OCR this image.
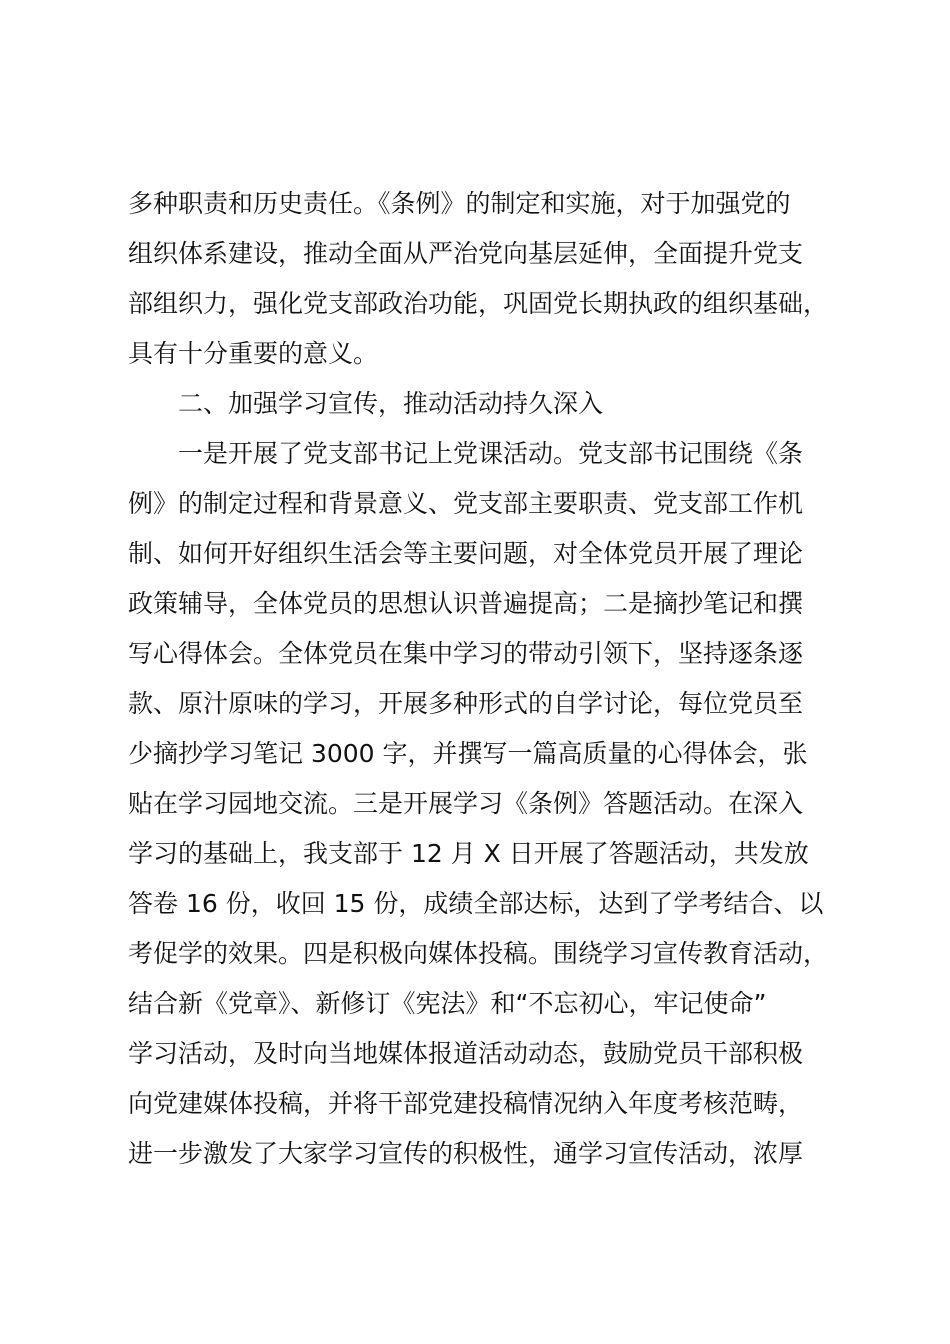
多种职责和历史责任。《条例》的制定和实施，对于加强党的
组织体系建设，推动全面从严治党向基层延伸，全面提升党支
部组织力，强化党支部政治功能，巩固党长期执政的组织基础，
具有十分重要的意义。
二、加强学习宣传，推动活动持久深入
一是开展了党支部书记上党课活动。党支部书记围绕《条
例》的制定过程和背景意义、党支部主要职责、党支部工作机
制、如何开好组织生活会等主要问题，对全体党员开展了理论
政策辅导，全体党员的思想认识普遍提高；二是摘抄笔记和撰
写心得体会。全体党员在集中学习的带动引领下，坚持逐条逐
款、原汁原味的学习，开展多种形式的自学讨论，每位党员至
少摘抄学习笔记 3000 字，并撰写一篇高质量的心得体会，张
贴在学习园地交流。三是开展学习《条例》答题活动。在深入
学习的基础上，我支部于 12 月 X 日开展了答题活动，共发放
答卷 16 份，收回 15 份，成绩全部达标，达到了学考结合、以
考促学的效果。四是积极向媒体投稿。围绕学习宣传教育活动，
结合新《党章》、新修订《宪法》和“不忘初心，牢记使命”
学习活动，及时向当地媒体报道活动动态，鼓励党员干部积极
向党建媒体投稿，并将干部党建投稿情况纳入年度考核范畴，
进一步激发了大家学习宣传的积极性，通学习宣传活动，浓厚
